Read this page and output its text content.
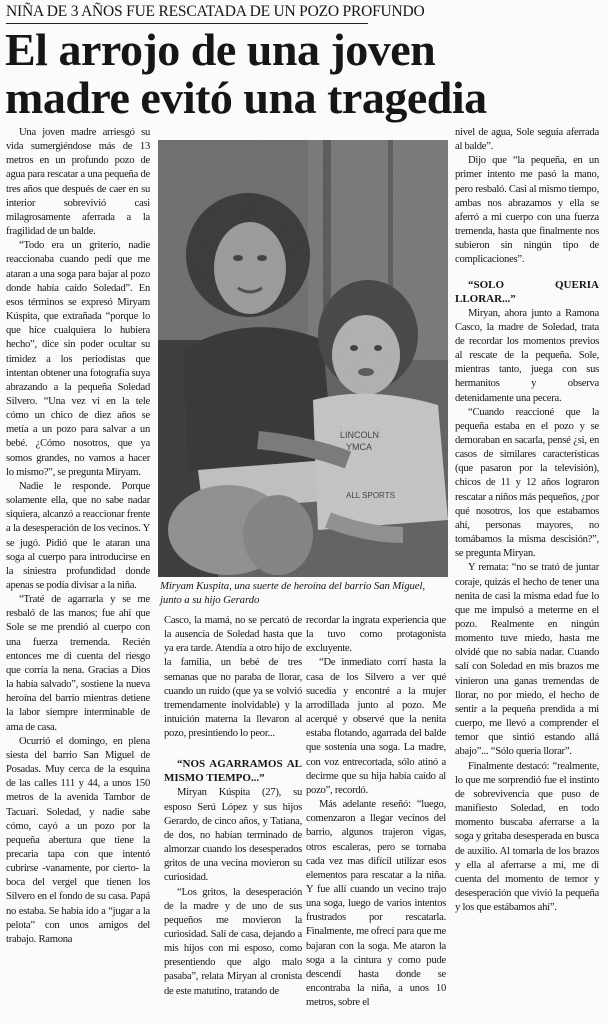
NIÑA DE 3 AÑOS FUE RESCATADA DE UN POZO PROFUNDO
El arrojo de una joven
madre evitó una tragedia

Una joven madre arriesgó su vida sumergiéndose más de 13 metros en un profundo pozo de agua para rescatar a una pequeña de tres años que después de caer en su interior sobrevivió casi milagrosamente aferrada a la fragilidad de un balde.

“Todo era un griterío, nadie reaccionaba cuando pedí que me ataran a una soga para bajar al pozo donde había caído Soledad”. En esos términos se expresó Miryam Kúspita, que extrañada “porque lo que hice cualquiera lo hubiera hecho”, dice sin poder ocultar su timidez a los periodistas que intentan obtener una fotografía suya abrazando a la pequeña Soledad Silvero. “Una vez vi en la tele cómo un chico de diez años se metía a un pozo para salvar a un bebé. ¿Cómo nosotros, que ya somos grandes, no vamos a hacer lo mismo?”, se pregunta Miryam.

Nadie le responde. Porque solamente ella, que no sabe nadar siquiera, alcanzó a reaccionar frente a la desesperación de los vecinos. Y se jugó. Pidió que le ataran una soga al cuerpo para introducirse en la siniestra profundidad donde apenas se podía divisar a la niña.

“Traté de agarrarla y se me resbaló de las manos; fue ahí que Sole se me prendió al cuerpo con una fuerza tremenda. Recién entonces me di cuenta del riesgo que corría la nena. Gracias a Dios la había salvado”, sostiene la nueva heroína del barrio mientras detiene la labor siempre interminable de ama de casa.

Ocurrió el domingo, en plena siesta del barrio San Miguel de Posadas. Muy cerca de la esquina de las calles 111 y 44, a unos 150 metros de la avenida Tambor de Tacuarí. Soledad, y nadie sabe cómo, cayó a un pozo por la pequeña abertura que tiene la precaria tapa con que intentó cubrirse -vanamente, por cierto- la boca del vergel que tienen los Silvero en el fondo de su casa. Papá no estaba. Se había ido a “jugar a la pelota” con unos amigos del trabajo. Ramona

LINCOLN
YMCA
ALL SPORTS
Miryam Kuspita, una suerte de heroína del barrio San Miguel, junto a su hijo Gerardo

Casco, la mamá, no se percató de la ausencia de Soledad hasta que ya era tarde. Atendía a otro hijo de la familia, un bebé de tres semanas que no paraba de llorar, cuando un ruido (que ya se volvió tremendamente inolvidable) y la intuición materna la llevaron al pozo, presintiendo lo peor...

“NOS AGARRAMOS AL MISMO TIEMPO...”

Miryan Kúspita (27), su esposo Serú López y sus hijos Gerardo, de cinco años, y Tatiana, de dos, no habían terminado de almorzar cuando los desesperados gritos de una vecina movieron su curiosidad.

“Los gritos, la desesperación de la madre y de uno de sus pequeños me movieron la curiosidad. Salí de casa, dejando a mis hijos con mi esposo, como presentiendo que algo malo pasaba”, relata Miryan al cronista de este matutino, tratando de

recordar la ingrata experiencia que la tuvo como protagonista excluyente.

“De inmediato corrí hasta la casa de los Silvero a ver qué sucedía y encontré a la mujer arrodillada junto al pozo. Me acerqué y observé que la nenita estaba flotando, agarrada del balde que sostenía una soga. La madre, con voz entrecortada, sólo atinó a decirme que su hija había caído al pozo”, recordó.

Más adelante reseñó: “luego, comenzaron a llegar vecinos del barrio, algunos trajeron vigas, otros escaleras, pero se tornaba cada vez mas difícil utilizar esos elementos para rescatar a la niña. Y fue allí cuando un vecino trajo una soga, luego de varios intentos frustrados por rescatarla. Finalmente, me ofrecí para que me bajaran con la soga. Me ataron la soga a la cintura y como pude descendí hasta donde se encontraba la niña, a unos 10 metros, sobre el

nivel de agua, Sole seguía aferrada al balde”.

Dijo que “la pequeña, en un primer intento me pasó la mano, pero resbaló. Casi al mismo tiempo, ambas nos abrazamos y ella se aferró a mi cuerpo con una fuerza tremenda, hasta que finalmente nos subieron sin ningún tipo de complicaciones”.

“SOLO QUERIA LLORAR...”

Miryan, ahora junto a Ramona Casco, la madre de Soledad, trata de recordar los momentos previos al rescate de la pequeña. Sole, mientras tanto, juega con sus hermanitos y observa detenidamente una pecera.

“Cuando reaccioné que la pequeña estaba en el pozo y se demoraban en sacarla, pensé ¿si, en casos de similares características (que pasaron por la televisión), chicos de 11 y 12 años lograron rescatar a niños más pequeños, ¿por qué nosotros, los que estabamos ahí, personas mayores, no tomábamos la misma descisión?”, se pregunta Miryan.

Y remata: “no se trató de juntar coraje, quizás el hecho de tener una nenita de casi la misma edad fue lo que me impulsó a meterme en el pozo. Realmente en ningún momento tuve miedo, hasta me olvidé que no sabía nadar. Cuando salí con Soledad en mis brazos me vinieron una ganas tremendas de llorar, no por miedo, el hecho de sentir a la pequeña prendida a mi cuerpo, me llevó a comprender el temor que sintió estando allá abajo”... “Sólo quería llorar”.

Finalmente destacó: “realmente, lo que me sorprendió fue el instinto de sobrevivencia que puso de manifiesto Soledad, en todo momento buscaba aferrarse a la soga y gritaba desesperada en busca de auxilio. Al tomarla de los brazos y ella al aferrarse a mí, me di cuenta del momento de temor y desesperación que vivió la pequeña y los que estábamos ahí”.
